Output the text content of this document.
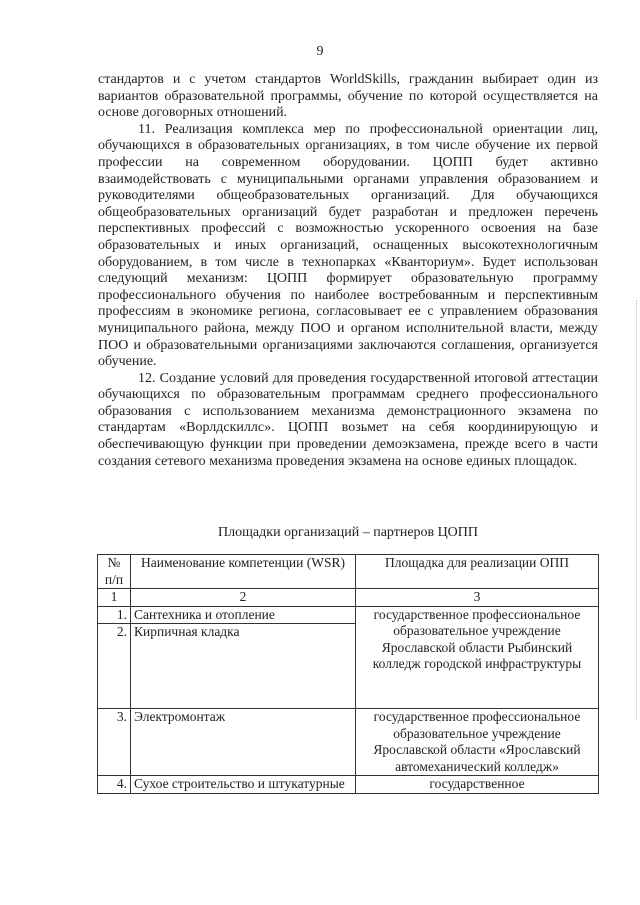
9

стандартов и с учетом стандартов WorldSkills, гражданин выбирает один из вариантов образовательной программы, обучение по которой осуществляется на основе договорных отношений.

11. Реализация комплекса мер по профессиональной ориентации лиц, обучающихся в образовательных организациях, в том числе обучение их первой профессии на современном оборудовании. ЦОПП будет активно взаимодействовать с муниципальными органами управления образованием и руководителями общеобразовательных организаций. Для обучающихся общеобразовательных организаций будет разработан и предложен перечень перспективных профессий с возможностью ускоренного освоения на базе образовательных и иных организаций, оснащенных высокотехнологичным оборудованием, в том числе в технопарках «Кванториум». Будет использован следующий механизм: ЦОПП формирует образовательную программу профессионального обучения по наиболее востребованным и перспективным профессиям в экономике региона, согласовывает ее с управлением образования муниципального района, между ПОО и органом исполнительной власти, между ПОО и образовательными организациями заключаются соглашения, организуется обучение.

12. Создание условий для проведения государственной итоговой аттестации обучающихся по образовательным программам среднего профессионального образования с использованием механизма демонстрационного экзамена по стандартам «Ворлдскиллс». ЦОПП возьмет на себя координирующую и обеспечивающую функции при проведении демоэкзамена, прежде всего в части создания сетевого механизма проведения экзамена на основе единых площадок.

Площадки организаций – партнеров ЦОПП
№ п/п	Наименование компетенции (WSR)	Площадка для реализации ОПП
1	2	3
1.	Сантехника и отопление	государственное профессиональное образовательное учреждение Ярославской области Рыбинский колледж городской инфраструктуры
2.	Кирпичная кладка	
3.	Электромонтаж	государственное профессиональное образовательное учреждение Ярославской области «Ярославский автомеханический колледж»
4.	Сухое строительство и штукатурные	государственное
